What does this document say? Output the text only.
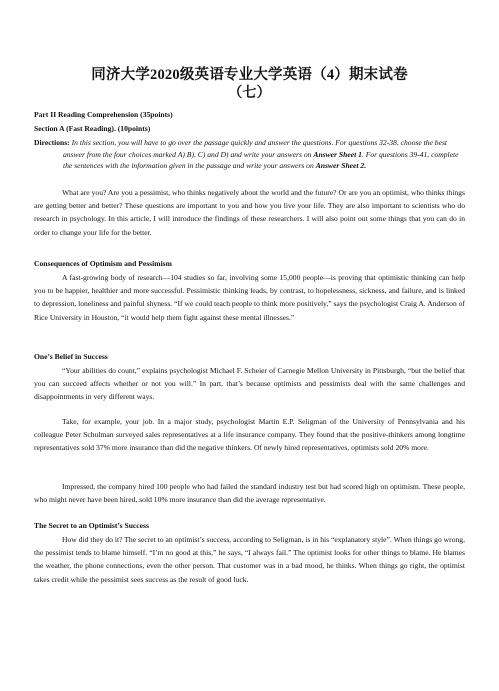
同济大学2020级英语专业大学英语（4）期末试卷
（七）
Part II Reading Comprehension (35points)
Section A (Fast Reading). (10points)
Directions: In this section, you will have to go over the passage quickly and answer the questions. For questions 32-38, choose the best answer from the four choices marked A) B), C) and D) and write your answers on Answer Sheet 1. For questions 39-41, complete the sentences with the information given in the passage and write your answers on Answer Sheet 2.

What are you? Are you a pessimist, who thinks negatively about the world and the future? Or are you an optimist, who thinks things are getting better and better? These questions are important to you and how you live your life. They are also important to scientists who do research in psychology. In this article, I will introduce the findings of these researchers. I will also point out some things that you can do in order to change your life for the better.

Consequences of Optimism and Pessimism

A fast-growing body of research—104 studies so far, involving some 15,000 people—is proving that optimistic thinking can help you to be happier, healthier and more successful. Pessimistic thinking leads, by contrast, to hopelessness, sickness, and failure, and is linked to depression, loneliness and painful shyness. “If we could teach people to think more positively,” says the psychologist Craig A. Anderson of Rice University in Houston, “it would help them fight against these mental illnesses.”

One’s Belief in Success

“Your abilities do count,” explains psychologist Michael F. Scheier of Carnegie Mellon University in Pittsburgh, “but the belief that you can succeed affects whether or not you will.” In part, that’s because optimists and pessimists deal with the same challenges and disappointments in very different ways.

Take, for example, your job. In a major study, psychologist Martin E.P. Seligman of the University of Pennsylvania and his colleague Peter Schulman surveyed sales representatives at a life insurance company. They found that the positive-thinkers among longtime representatives sold 37% more insurance than did the negative thinkers. Of newly hired representatives, optimists sold 20% more.

Impressed, the company hired 100 people who had failed the standard industry test but had scored high on optimism. These people, who might never have been hired, sold 10% more insurance than did the average representative.

The Secret to an Optimist’s Success

How did they do it? The secret to an optimist’s success, according to Seligman, is in his “explanatory style”. When things go wrong, the pessimist tends to blame himself. “I’m no good at this,” he says, “I always fail.” The optimist looks for other things to blame. He blames the weather, the phone connections, even the other person. That customer was in a bad mood, he thinks. When things go right, the optimist takes credit while the pessimist sees success as the result of good luck.
